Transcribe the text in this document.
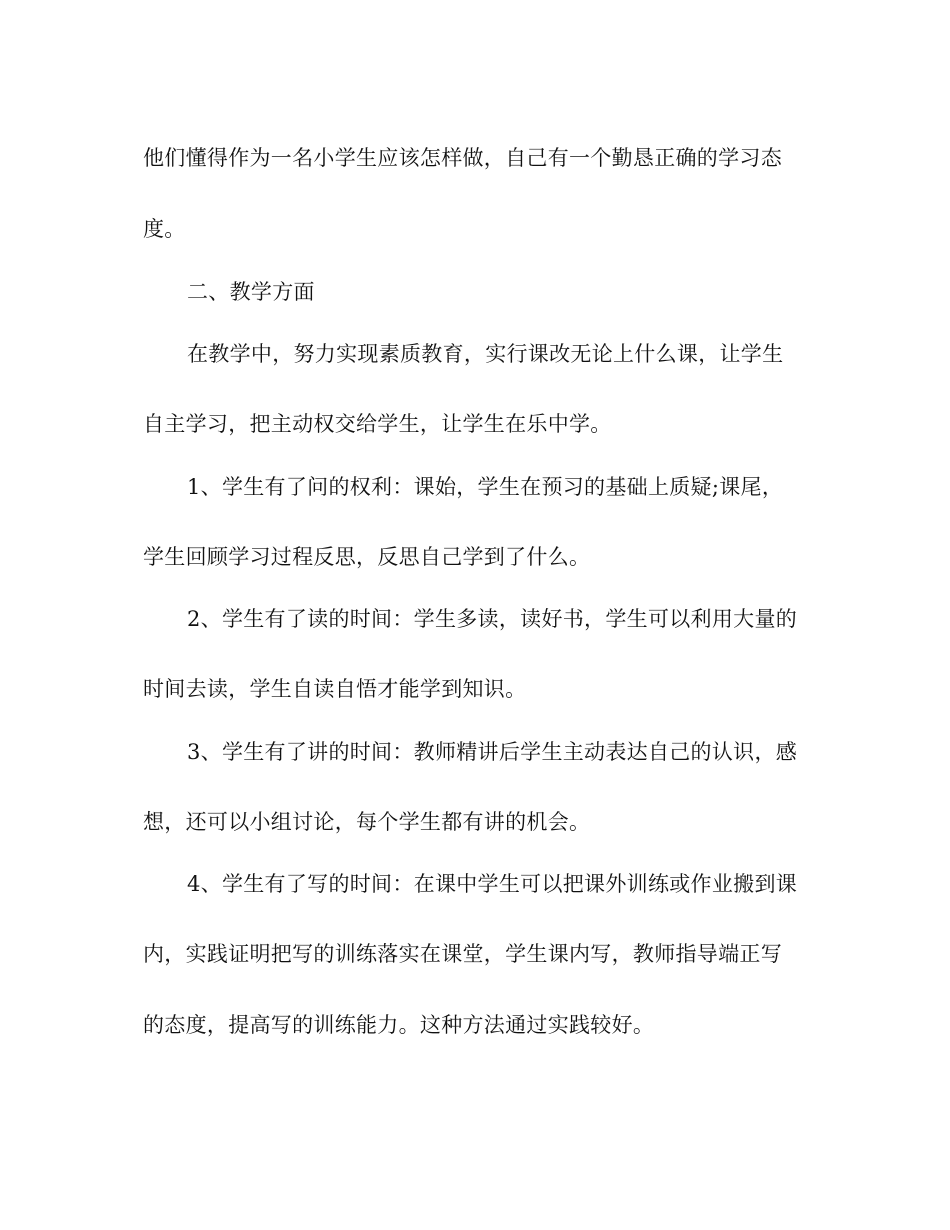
他们懂得作为一名小学生应该怎样做，自己有一个勤恳正确的学习态
度。
二、教学方面
在教学中，努力实现素质教育，实行课改无论上什么课，让学生
自主学习，把主动权交给学生，让学生在乐中学。
1、学生有了问的权利：课始，学生在预习的基础上质疑;课尾，
学生回顾学习过程反思，反思自己学到了什么。
2、学生有了读的时间：学生多读，读好书，学生可以利用大量的
时间去读，学生自读自悟才能学到知识。
3、学生有了讲的时间：教师精讲后学生主动表达自己的认识，感
想，还可以小组讨论，每个学生都有讲的机会。
4、学生有了写的时间：在课中学生可以把课外训练或作业搬到课
内，实践证明把写的训练落实在课堂，学生课内写，教师指导端正写
的态度，提高写的训练能力。这种方法通过实践较好。
